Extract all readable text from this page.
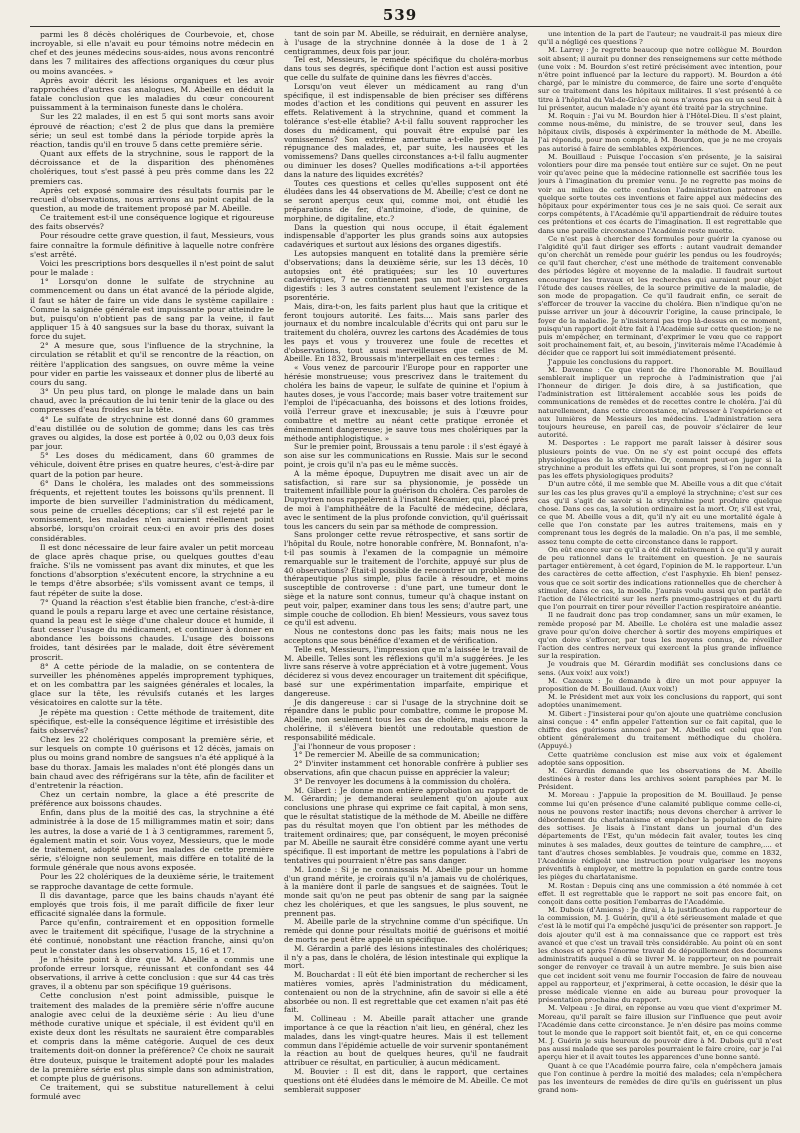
539

parmi les 8 décès cholériques de Courbevoie, et, chose incroyable, si elle n'avait eu pour témoins notre médecin en chef et des jeunes médecins sous-aides, nous avons rencontré dans les 7 militaires des affections organiques du cœur plus ou moins avancées. »

Après avoir décrit les lésions organiques et les avoir rapprochées d'autres cas analogues, M. Abeille en déduit la fatale conclusion que les maladies du cœur concourent puissamment à la terminaison funeste dans le choléra.

Sur les 22 malades, il en est 5 qui sont morts sans avoir éprouvé de réaction; c'est 2 de plus que dans la première série; un seul est tombé dans la période torpide après la réaction, tandis qu'il en trouve 5 dans cette première série.

Quant aux effets de la strychnine, sous le rapport de la décroissance et de la disparition des phénomènes cholériques, tout s'est passé à peu près comme dans les 22 premiers cas.

Après cet exposé sommaire des résultats fournis par le recueil d'observations, nous arrivons au point capital de la question, au mode de traitement proposé par M. Abeille.

Ce traitement est-il une conséquence logique et rigoureuse des faits observés?

Pour résoudre cette grave question, il faut, Messieurs, vous faire connaître la formule définitive à laquelle notre confrère s'est arrêté.

Voici les prescriptions bors desquelles il n'est point de salut pour le malade :

1° Lorsqu'on donne le sulfate de strychnine au commencement ou dans un état avancé de la période algide, il faut se hâter de faire un vide dans le système capillaire : Comme la saignée générale est impuissante pour atteindre le but, puisqu'on n'obtient pas de sang par la veine, il faut appliquer 15 à 40 sangsues sur la base du thorax, suivant la force du sujet.

2° A mesure que, sous l'influence de la strychnine, la circulation se rétablit et qu'il se rencontre de la réaction, on réitère l'application des sangsues, on ouvre même la veine pour vider en partie les vaisseaux et donner plus de liberté au cours du sang.

3° Un peu plus tard, on plonge le malade dans un bain chaud, avec la précaution de lui tenir tenir de la glace ou des compresses d'eau froides sur la tête.

4° Le sulfate de strychnine est donné dans 60 grammes d'eau distillée ou de solution de gomme; dans les cas très graves ou algides, la dose est portée à 0,02 ou 0,03 deux fois par jour.

5° Les doses du médicament, dans 60 grammes de véhicule, doivent être prises en quatre heures, c'est-à-dire par quart de la potion par heure.

6° Dans le choléra, les malades ont des sommeissions fréquents, et rejettent toutes les boissons qu'ils prennent. Il importe de bien surveiller l'administration du médicament, sous peine de cruelles déceptions; car s'il est rejeté par le vomissement, les malades n'en auraient réellement point absorbé, lorsqu'on croirait ceux-ci en avoir pris des doses considérables.

Il est donc nécessaire de leur faire avaler un petit morceau de glace après chaque prise, ou quelques gouttes d'eau fraîche. S'ils ne vomissent pas avant dix minutes, et que les fonctions d'absorption s'exécutent encore, la strychnine a eu le temps d'être absorbée; s'ils vomissent avant ce temps, il faut répéter de suite la dose.

7° Quand la réaction s'est établie bien franche, c'est-à-dire quand le pouls a reparu large et avec une certaine résistance, quand la peau est le siège d'une chaleur douce et humide, il faut cesser l'usage du médicament, et continuer à donner en abondance les boissons chaudes. L'usage des boissons froides, tant désirées par le malade, doit être sévèrement proscrit.

8° A cette période de la maladie, on se contentera de surveiller les phénomènes appelés improprement typhiques, et on les combattra par les saignées générales et locales, la glace sur la tête, les révulsifs cutanés et les larges vésicatoires en calotte sur la tête.

Je répète ma question : Cette méthode de traitement, dite spécifique, est-elle la conséquence légitime et irrésistible des faits observés?

Chez les 22 cholériques composant la première série, et sur lesquels on compte 10 guérisons et 12 décès, jamais on plus ou moins grand nombre de sangsues n'a été appliqué à la base du thorax. Jamais les malades n'ont été plongés dans un bain chaud avec des réfrigérans sur la tête, afin de faciliter et d'entretenir la réaction.

Chez un certain nombre, la glace a été prescrite de préférence aux boissons chaudes.

Enfin, dans plus de la moitié des cas, la strychnine a été administrée à la dose de 15 milligrammes matin et soir; dans les autres, la dose a varié de 1 à 3 centigrammes, rarement 5, également matin et soir. Vous voyez, Messieurs, que le mode de traitement, adopté pour les malades de cette première série, s'éloigne non seulement, mais diffère en totalité de la formule générale que nous avons exposée.

Pour les 22 cholériques de la deuxième série, le traitement se rapproche davantage de cette formule.

Il dis davantage, parce que les bains chauds n'ayant été employés que trois fois, il me paraît difficile de fixer leur efficacité signalée dans la formule.

Parce qu'enfin, contrairement et en opposition formelle avec le traitement dit spécifique, l'usage de la strychnine a été continué, nonobstant une réaction franche, ainsi qu'on peut le constater dans les observations 15, 16 et 17.

Je n'hésite point à dire que M. Abeille a commis une profonde erreur lorsque, réunissant et confondant ses 44 observations, il arrive à cette conclusion : que sur 44 cas très graves, il a obtenu par son spécifique 19 guérisons.

Cette conclusion n'est point admissible, puisque le traitement des malades de la première série n'offre aucune analogie avec celui de la deuxième série : Au lieu d'une méthode curative unique et spéciale, il est évident qu'il en existe deux dont les résultats ne sauraient être comparables et compris dans la même catégorie. Auquel de ces deux traitements doit-on donner la préférence? Ce choix ne saurait être douteux, puisque le traitement adopté pour les malades de la première série est plus simple dans son administration, et compte plus de guérisons.

Ce traitement, qui se substitue naturellement à celui formulé avec

tant de soin par M. Abeille, se réduirait, en dernière analyse, à l'usage de la strychnine donnée à la dose de 1 à 2 centigrammes, deux fois par jour.

Tel est, Messieurs, le remède spécifique du choléra-morbus dans tous ses degrés, spécifique dont l'action est aussi positive que celle du sulfate de quinine dans les fièvres d'accès.

Lorsqu'on veut élever un médicament au rang d'un spécifique, il est indispensable de bien préciser ses différens modes d'action et les conditions qui peuvent en assurer les effets. Relativement à la strychnine, quand et comment la tolérance s'est-elle établie? A-t-il fallu souvent rapprocher les doses du médicament, qui pouvait être expulsé par les vomissemens? Son extrême amertume a-t-elle provoqué la répugnance des malades, et, par suite, les nausées et les vomissemens? Dans quelles circonstances a-t-il fallu augmenter ou diminuer les doses? Quelles modifications a-t-il apportées dans la nature des liquides excrétés?

Toutes ces questions et celles qu'elles supposent ont été éludées dans les 44 observations de M. Abeille; c'est ce dont ne se seront aperçus ceux qui, comme moi, ont étudié les préparations de fer, d'antimoine, d'iode, de quinine, de morphine, de digitaline, etc.?

Dans la question qui nous occupe, il était également indispensable d'apporter les plus grands soins aux autopsies cadavériques et surtout aux lésions des organes digestifs.

Les autopsies manquent en totalité dans la première série d'observations; dans la deuxième série, sur les 13 décès, 10 autopsies ont été pratiquées; sur les 10 ouvertures cadavériques, 7 ne contiennent pas un mot sur les organes digestifs : les 3 autres constatent seulement l'existence de la psorentérie.

Mais, dira-t-on, les faits parlent plus haut que la critique et feront toujours autorité. Les faits.... Mais sans parler des journaux et du nombre incalculable d'écrits qui ont paru sur le traitement du choléra, ouvrez les cartons des Académies de tous les pays et vous y trouverez une foule de recettes et d'observations, tout aussi merveilleuses que celles de M. Abeille. En 1832, Broussais m'interpellait en ces termes :

« Vous venez de parcourir l'Europe pour en rapporter une hérésie monstrueuse; vous prescrivez dans le traitement du choléra les bains de vapeur, le sulfate de quinine et l'opium à hautes doses, je vous l'accorde; mais baser votre traitement sur l'emploi de l'ipécacuanha, des boissons et des lotions froides, voilà l'erreur grave et inexcusable; je suis à l'œuvre pour combattre et mettre au néant cette pratique erronée et éminemment dangereuse; je sauve tous mes cholériques par la méthode antiphlogistique. »

Sur le premier point, Broussais a tenu parole : il s'est égayé à son aise sur les communications en Russie. Mais sur le second point, je crois qu'il n'a pas eu le même succès.

A la même époque, Dupuytren me disait avec un air de satisfaction, si rare sur sa physionomie, je possède un traitement infaillible pour la guérison du choléra. Ces paroles de Dupuytren nous rappelèrent à l'instant Récamier, qui, placé près de moi à l'amphithéâtre de la Faculté de médecine, déclara, avec le sentiment de la plus profonde conviction, qu'il guérissait tous les cancers du sein par sa méthode de compression.

Sans prolonger cette revue rétrospective, et sans sortir de l'hôpital du Roule, notre honorable confrère, M. Bonnafont, n'a-t-il pas soumis à l'examen de la compagnie un mémoire remarquable sur le traitement de l'orchite, appuyé sur plus de 40 observations? Était-il possible de rencontrer un problème de thérapeutique plus simple, plus facile à résoudre, et moins susceptible de controverse : d'une part, une tumeur dont le siège et la nature sont connus, tumeur qu'à chaque instant on peut voir, palper, examiner dans tous les sens; d'autre part, une simple couche de collodion. Eh bien! Messieurs, vous savez tous ce qu'il est advenu.

Nous ne contestons donc pas les faits; mais nous ne les acceptons que sous bénéfice d'examen et de vérification.

Telle est, Messieurs, l'impression que m'a laissée le travail de M. Abeille. Telles sont les réflexions qu'il m'a suggérées. Je les livre sans réserve à votre appréciation et à votre jugement. Vous déciderez si vous devez encourager un traitement dit spécifique, basé sur une expérimentation imparfaite, empirique et dangereuse.

Je dis dangereuse : car si l'usage de la strychnine doit se répandre dans le public pour combattre, comme le propose M. Abeille, non seulement tous les cas de choléra, mais encore la cholérine, il s'élèvera bientôt une redoutable question de responsabilité médicale.

J'ai l'honneur de vous proposer :

1° De remercier M. Abeille de sa communication;

2° D'inviter instamment cet honorable confrère à publier ses observations, afin que chacun puisse en apprécier la valeur;

3° De renvoyer les documens à la commission du choléra.

M. Gibert : Je donne mon entière approbation au rapport de M. Gérardin; je demanderai seulement qu'on ajoute aux conclusions une phrase qui exprime ce fait capital, à mon sens, que le résultat statistique de la méthode de M. Abeille ne diffère pas du résultat moyen que l'on obtient par les méthodes de traitement ordinaires; que, par conséquent, le moyen préconisé par M. Abeille ne saurait être considéré comme ayant une vertu spécifique. Il est important de mettre les populations à l'abri de tentatives qui pourraient n'être pas sans danger.

M. Londe : Si je ne connaissais M. Abeille pour un homme d'un grand mérite, je croirais qu'il n'a jamais vu de cholériques, à la manière dont il parle de sangsues et de saignées. Tout le monde sait qu'on ne peut pas obtenir de sang par la saignée chez les cholériques, et que les sangsues, le plus souvent, ne prennent pas.

M. Abeille parle de la strychnine comme d'un spécifique. Un remède qui donne pour résultats moitié de guérisons et moitié de morts ne peut être appelé un spécifique.

M. Gérardin a parlé des lésions intestinales des cholériques; il n'y a pas, dans le choléra, de lésion intestinale qui explique la mort.

M. Bouchardat : Il eût été bien important de rechercher si les matières vomies, après l'administration du médicament, contenaient ou non de la strychnine, afin de savoir si elle a été absorbée ou non. Il est regrettable que cet examen n'ait pas été fait.

M. Collineau : M. Abeille paraît attacher une grande importance à ce que la réaction n'ait lieu, en général, chez les malades, dans les vingt-quatre heures. Mais il est tellement commun dans l'épidémie actuelle de voir survenir spontanément la réaction au bout de quelques heures, qu'il ne faudrait attribuer ce résultat, en particulier, à aucun médicament.

M. Bouvier : Il est dit, dans le rapport, que certaines questions ont été éludées dans le mémoire de M. Abeille. Ce mot semblerait supposer

une intention de la part de l'auteur; ne vaudrait-il pas mieux dire qu'il a négligé ces questions ?

M. Larrey : Je regrette beaucoup que notre collègue M. Bourdon soit absent; il aurait pu donner des renseignemens sur cette méthode (une voix : M. Bourdon s'est retiré précisément avec intention, pour n'être point influencé par la lecture du rapport). M. Bourdon a été chargé, par le ministre du commerce, de faire une sorte d'enquête sur ce traitement dans les hôpitaux militaires. Il s'est présenté à ce titre à l'hôpital du Val-de-Grâce où nous n'avons pas eu un seul fait à lui présenter, aucun malade n'y ayant été traité par la strychnine.

M. Roquin : J'ai vu M. Bourdon hier à l'Hôtel-Dieu. Il s'est plaint, comme nous-même, du ministre, de se trouver seul, dans les hôpitaux civils, disposés à expérimenter la méthode de M. Abeille. J'ai répondu, pour mon compte, à M. Bourdon, que je ne me croyais pas autorisé à faire de semblables expériences.

M. Bouillaud : Puisque l'occasion s'en présente, je la saisirai volontiers pour dire ma pensée tout entière sur ce sujet. On ne peut voir qu'avec peine que la médecine rationnelle est sacrifiée tous les jours à l'imagination du premier venu. Je ne regrette pas moins de voir au milieu de cette confusion l'administration patroner en quelque sorte toutes ces inventions et faire appel aux médecins des hôpitaux pour expérimenter tous ces je ne sais quoi. Ce serait aux corps compétents, à l'Académie qu'il appartiendrait de réduire toutes ces prétentions et ces écarts de l'imagination. Il est regrettable que dans une pareille circonstance l'Académie reste muette.

Ce n'est pas à chercher des formules pour guérir la cyanose ou l'algidité qu'il faut diriger ses efforts : autant vaudrait demander qu'on cherchât un remède pour guérir les pendus ou les foudroyés; ce qu'il faut chercher, c'est une méthode de traitement convenable des périodes légère et moyenne de la maladie. Il faudrait surtout encourager les travaux et les recherches qui auraient pour objet l'étude des causes réelles, de la source primitive de la maladie, de son mode de propagation. Ce qu'il faudrait enfin, ce serait de s'efforcer de trouver la vaccine du choléra. Bien n'indique qu'on ne puisse arriver un jour à découvrir l'origine, la cause principale, le foyer de la maladie. Je n'insisterai pas trop là-dessus en ce moment, puisqu'un rapport doit être fait à l'Académie sur cette question; je ne puis m'empêcher, en terminant, d'exprimer le vœu que ce rapport soit prochainement fait, et, au besoin, j'inviterais même l'Académie à décider que ce rapport lui soit immédiatement présenté.

J'appuie les conclusions du rapport.

M. Davenne : Ce que vient de dire l'honorable M. Bouillaud semblerait impliquer un reproche à l'administration que j'ai l'honneur de diriger. Je dois dire, à sa justification, que l'administration est littéralement accablée sous les poids de communications de remèdes et de recettes contre le choléra. J'ai dû naturellement, dans cette circonstance, m'adresser à l'expérience et aux lumières de Messieurs les médecins. L'administration sera toujours heureuse, en pareil cas, de pouvoir s'éclairer de leur autorité.

M. Desportes : Le rapport me paraît laisser à désirer sous plusieurs points de vue. On ne s'y est point occupé des effets physiologiques de la strychnine. Or, comment peut-on juger si la strychnine a produit les effets qui lui sont propres, si l'on ne connaît pas les effets physiologiques produits?

D'un autre côté, il me semble que M. Abeille vous a dit que c'était sur les cas les plus graves qu'il a employé la strychnine; c'est sur ces cas qu'il s'agit de savoir si la strychnine peut produire quelque chose. Dans ces cas, la solution ordinaire est la mort. Or, s'il est vrai, ce que M. Abeille vous a dit, qu'il n'y ait eu une mortalité égale à celle que l'on constate par les autres traitemens, mais en y comprenant tous les degrés de la maladie. On n'a pas, il me semble, assez tenu compte de cette circonstance dans le rapport.

On eût encore sur ce qu'il a été dit relativement à ce qu'il y aurait de peu rationnel dans le traitement en question. Je ne saurais partager entièrement, à cet égard, l'opinion de M. le rapporteur. L'un des caractères de cette affection, c'est l'asphyxie. Eh bien! pensez-vous que ce soit sortir des indications rationnelles que de chercher à stimuler, dans ce cas, la moelle. J'aurais voulu aussi qu'on parlât de l'action de l'électricité sur les nerfs pneumo-gastriques et du parti que l'on pourrait en tirer pour réveiller l'action respiratoire anéantie.

Il ne faudrait donc pas trop condamner, sans un mûr examen, le remède proposé par M. Abeille. Le choléra est une maladie assez grave pour qu'on doive chercher à sortir des moyens empiriques et qu'on doive s'efforcer, par tous les moyens connus, de réveiller l'action des centres nerveux qui exercent la plus grande influence sur la respiration.

Je voudrais que M. Gérardin modifiât ses conclusions dans ce sens. (Aux voix! aux voix!)

M. Cazeaux : Je demande à dire un mot pour appuyer la proposition de M. Bouillaud. (Aux voix!)

M. le Président met aux voix les conclusions du rapport, qui sont adoptées unanimement.

M. Gibert : J'insisterai pour qu'on ajoute une quatrième conclusion ainsi conçue : 4° enfin appeler l'attention sur ce fait capital, que le chiffre des guérisons annoncé par M. Abeille est celui que l'on obtient généralement du traitement méthodique du choléra. (Appuyé.)

Cette quatrième conclusion est mise aux voix et également adoptée sans opposition.

M. Gérardin demande que les observations de M. Abeille destinées à rester dans les archives soient paraphées par M. le Président.

M. Moreau : J'appuie la proposition de M. Bouillaud. Je pense comme lui qu'en présence d'une calamité publique comme celle-ci, nous ne pouvons rester inactifs; nous devons chercher à arriver le débordement du charlatanisme et empêcher la population de faire des sottises. Je lisais à l'instant dans un journal d'un des départements de l'Est, qu'un médecin fait avaler, toutes les cinq minutes à ses malades, deux gouttes de teinture de camphre,.... et tant d'autres choses semblables. Je voudrais que, comme en 1832, l'Académie rédigeât une instruction pour vulgariser les moyens préventifs à employer, et mettre la population en garde contre tous les pièges du charlatanisme.

M. Rostan : Depuis cinq ans une commission a été nommée à cet effet. Il est regrettable que le rapport ne soit pas encore fait, on conçoit dans cette position l'embarras de l'Académie.

M. Dubois (d'Amiens) : Je dirai, à la justification du rapporteur de la commission, M. J. Guérin, qu'il a été sérieusement malade et que c'est là le motif qui l'a empêché jusqu'ici de présenter son rapport. Je dois ajouter qu'il est à ma connaissance que ce rapport est très avancé et que c'est un travail très considérable. Au point où en sont les choses et après l'énorme travail de dépouillement des documens administratifs auquel a dû se livrer M. le rapporteur, on ne pourrait songer de renvoyer ce travail à un autre membre. Je suis bien aise que cet incident soit venu me fournir l'occasion de faire de nouveau appel au rapporteur, et j'exprimerai, à cette occasion, le désir que la presse médicale vienne en aide au bureau pour provoquer la présentation prochaine du rapport.

M. Velpeau : Je dirai, en réponse au vœu que vient d'exprimer M. Moreau, qu'il paraît se faire illusion sur l'influence que peut avoir l'Académie dans cette circonstance. Je n'en désire pas moins comme tout le monde que le rapport soit bientôt fait, et, en ce qui concerne M. J. Guérin je suis heureux de pouvoir dire à M. Dubois qu'il n'est pas aussi malade que ses paroles pourraient le faire croire, car je l'ai aperçu hier et il avait toutes les apparences d'une bonne santé.

Quant à ce que l'Académie pourra faire, cela n'empêchera jamais que l'on continue à perdre la moitié des malades; cela n'empêchera pas les inventeurs de remèdes de dire qu'ils en guérissent un plus grand nom-
